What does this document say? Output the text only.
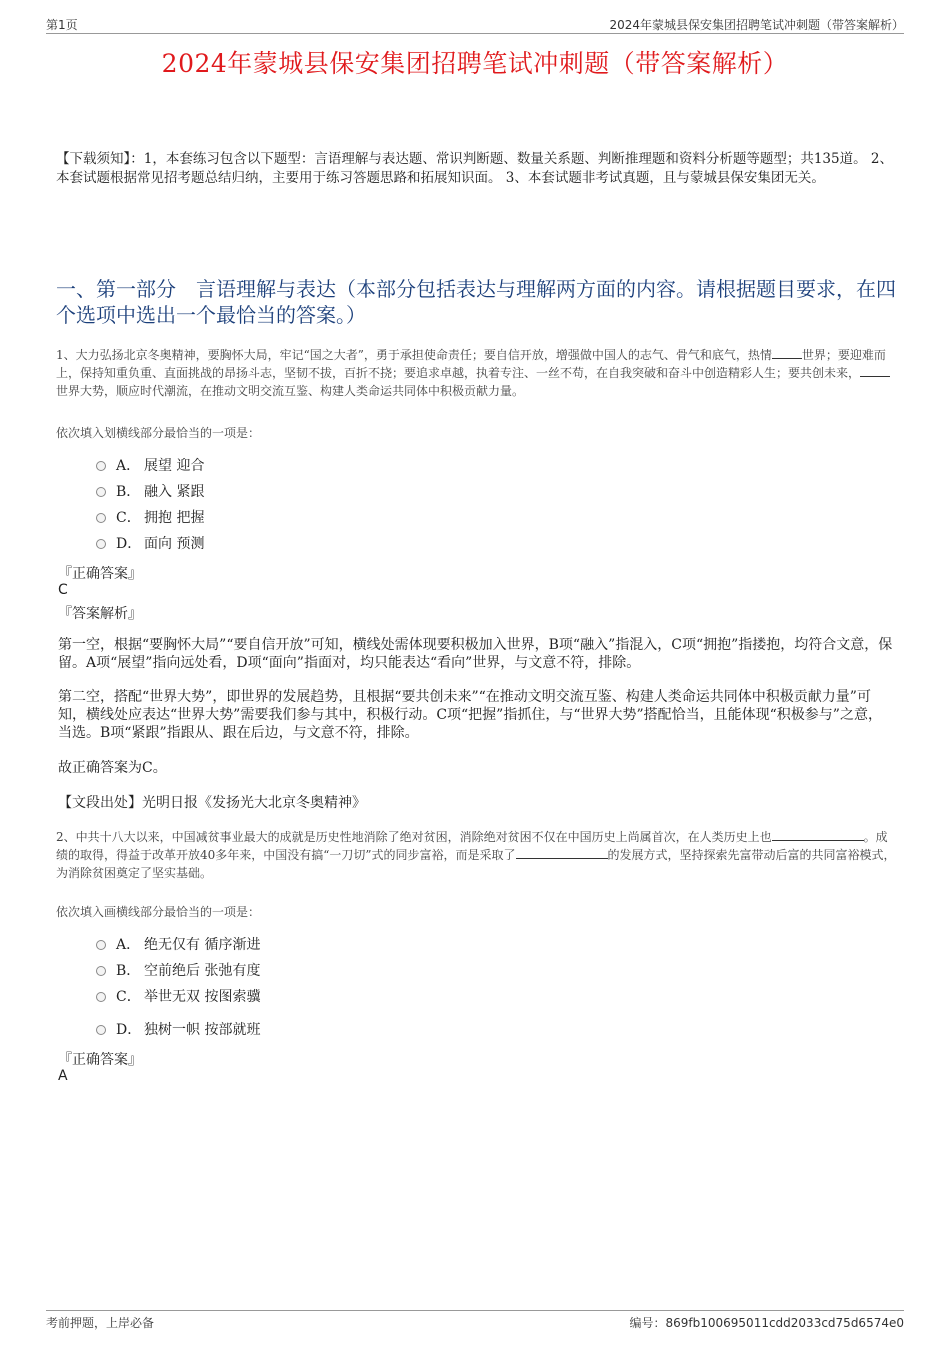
第1页	2024年蒙城县保安集团招聘笔试冲刺题（带答案解析）
2024年蒙城县保安集团招聘笔试冲刺题（带答案解析）
【下载须知】：1，本套练习包含以下题型：言语理解与表达题、常识判断题、数量关系题、判断推理题和资料分析题等题型；共135道。 2、本套试题根据常见招考题总结归纳，主要用于练习答题思路和拓展知识面。 3、本套试题非考试真题，且与蒙城县保安集团无关。
一、第一部分　言语理解与表达（本部分包括表达与理解两方面的内容。请根据题目要求，在四个选项中选出一个最恰当的答案。）
1、大力弘扬北京冬奥精神，要胸怀大局，牢记“国之大者”，勇于承担使命责任；要自信开放，增强做中国人的志气、骨气和底气，热情	世界；要迎难而上，保持知重负重、直面挑战的昂扬斗志，坚韧不拔，百折不挠；要追求卓越，执着专注、一丝不苟，在自我突破和奋斗中创造精彩人生；要共创未来，世界大势，顺应时代潮流，在推动文明交流互鉴、构建人类命运共同体中积极贡献力量。
依次填入划横线部分最恰当的一项是：
A． 展望 迎合
B． 融入 紧跟
C． 拥抱 把握
D． 面向 预测
『正确答案』
C
『答案解析』
第一空，根据“要胸怀大局”“要自信开放”可知，横线处需体现要积极加入世界，B项“融入”指混入，C项“拥抱”指搂抱，均符合文意，保留。A项“展望”指向远处看，D项“面向”指面对，均只能表达“看向”世界，与文意不符，排除。
第二空，搭配“世界大势”，即世界的发展趋势，且根据“要共创未来”“在推动文明交流互鉴、构建人类命运共同体中积极贡献力量”可知，横线处应表达“世界大势”需要我们参与其中，积极行动。C项“把握”指抓住，与“世界大势”搭配恰当，且能体现“积极参与”之意，当选。B项“紧跟”指跟从、跟在后边，与文意不符，排除。
故正确答案为C。
【文段出处】光明日报《发扬光大北京冬奥精神》
2、中共十八大以来，中国减贫事业最大的成就是历史性地消除了绝对贫困，消除绝对贫困不仅在中国历史上尚属首次，在人类历史上也	。成绩的取得，得益于改革开放40多年来，中国没有搞“一刀切”式的同步富裕，而是采取了	的发展方式，坚持探索先富带动后富的共同富裕模式，为消除贫困奠定了坚实基础。
依次填入画横线部分最恰当的一项是：
A． 绝无仅有 循序渐进
B． 空前绝后 张弛有度
C． 举世无双 按图索骥
D． 独树一帜 按部就班
『正确答案』
A
考前押题，上岸必备	编号：869fb100695011cdd2033cd75d6574e0
